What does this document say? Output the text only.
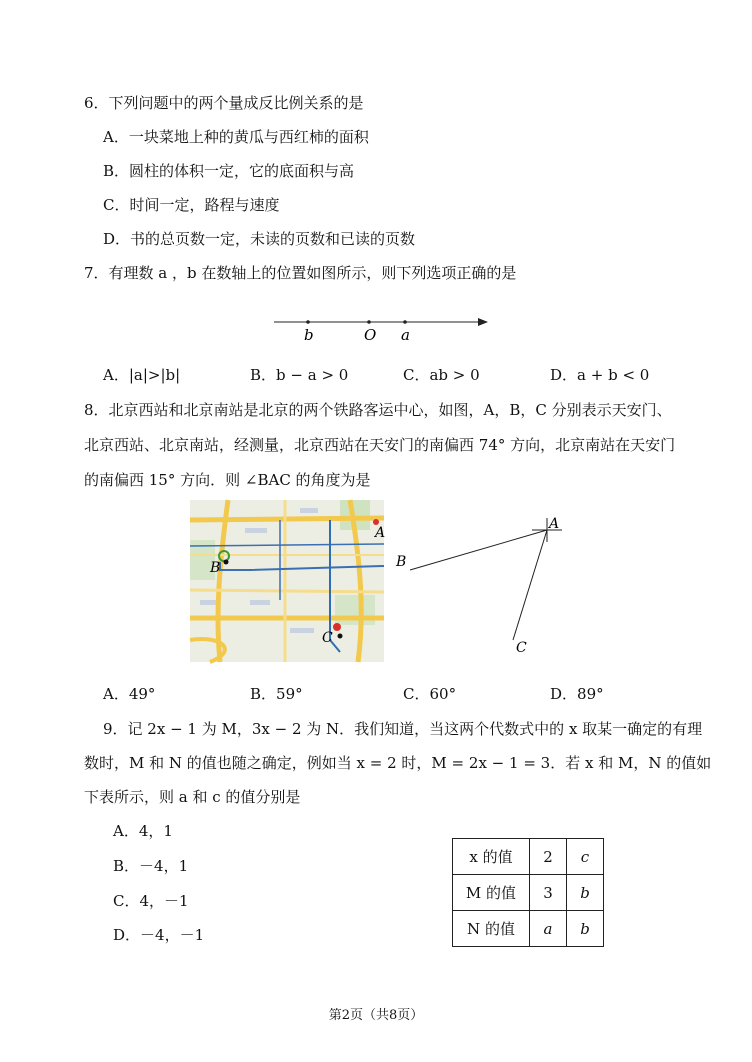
6．下列问题中的两个量成反比例关系的是
A．一块菜地上种的黄瓜与西红柿的面积
B．圆柱的体积一定，它的底面积与高
C．时间一定，路程与速度
D．书的总页数一定，未读的页数和已读的页数
7．有理数 a ，b 在数轴上的位置如图所示，则下列选项正确的是
b	O a
A．|a|>|b|	B．b − a > 0	C．ab > 0	D．a + b < 0
8．北京西站和北京南站是北京的两个铁路客运中心，如图，A，B，C 分别表示天安门、
北京西站、北京南站，经测量，北京西站在天安门的南偏西 74° 方向，北京南站在天安门
的南偏西 15° 方向．则 ∠BAC 的角度为是
A
B
C
A
B
C
A．49°	B．59°	C．60°	D．89°
9．记 2x − 1 为 M，3x − 2 为 N．我们知道，当这两个代数式中的 x 取某一确定的有理
数时，M 和 N 的值也随之确定，例如当 x = 2 时，M = 2x − 1 = 3．若 x 和 M，N 的值如
下表所示，则 a 和 c 的值分别是
A．4，1
B．－4，1
C．4，－1
D．－4，－1
x 的值	2	c
M 的值	3	b
N 的值	a	b
第2页（共8页）
